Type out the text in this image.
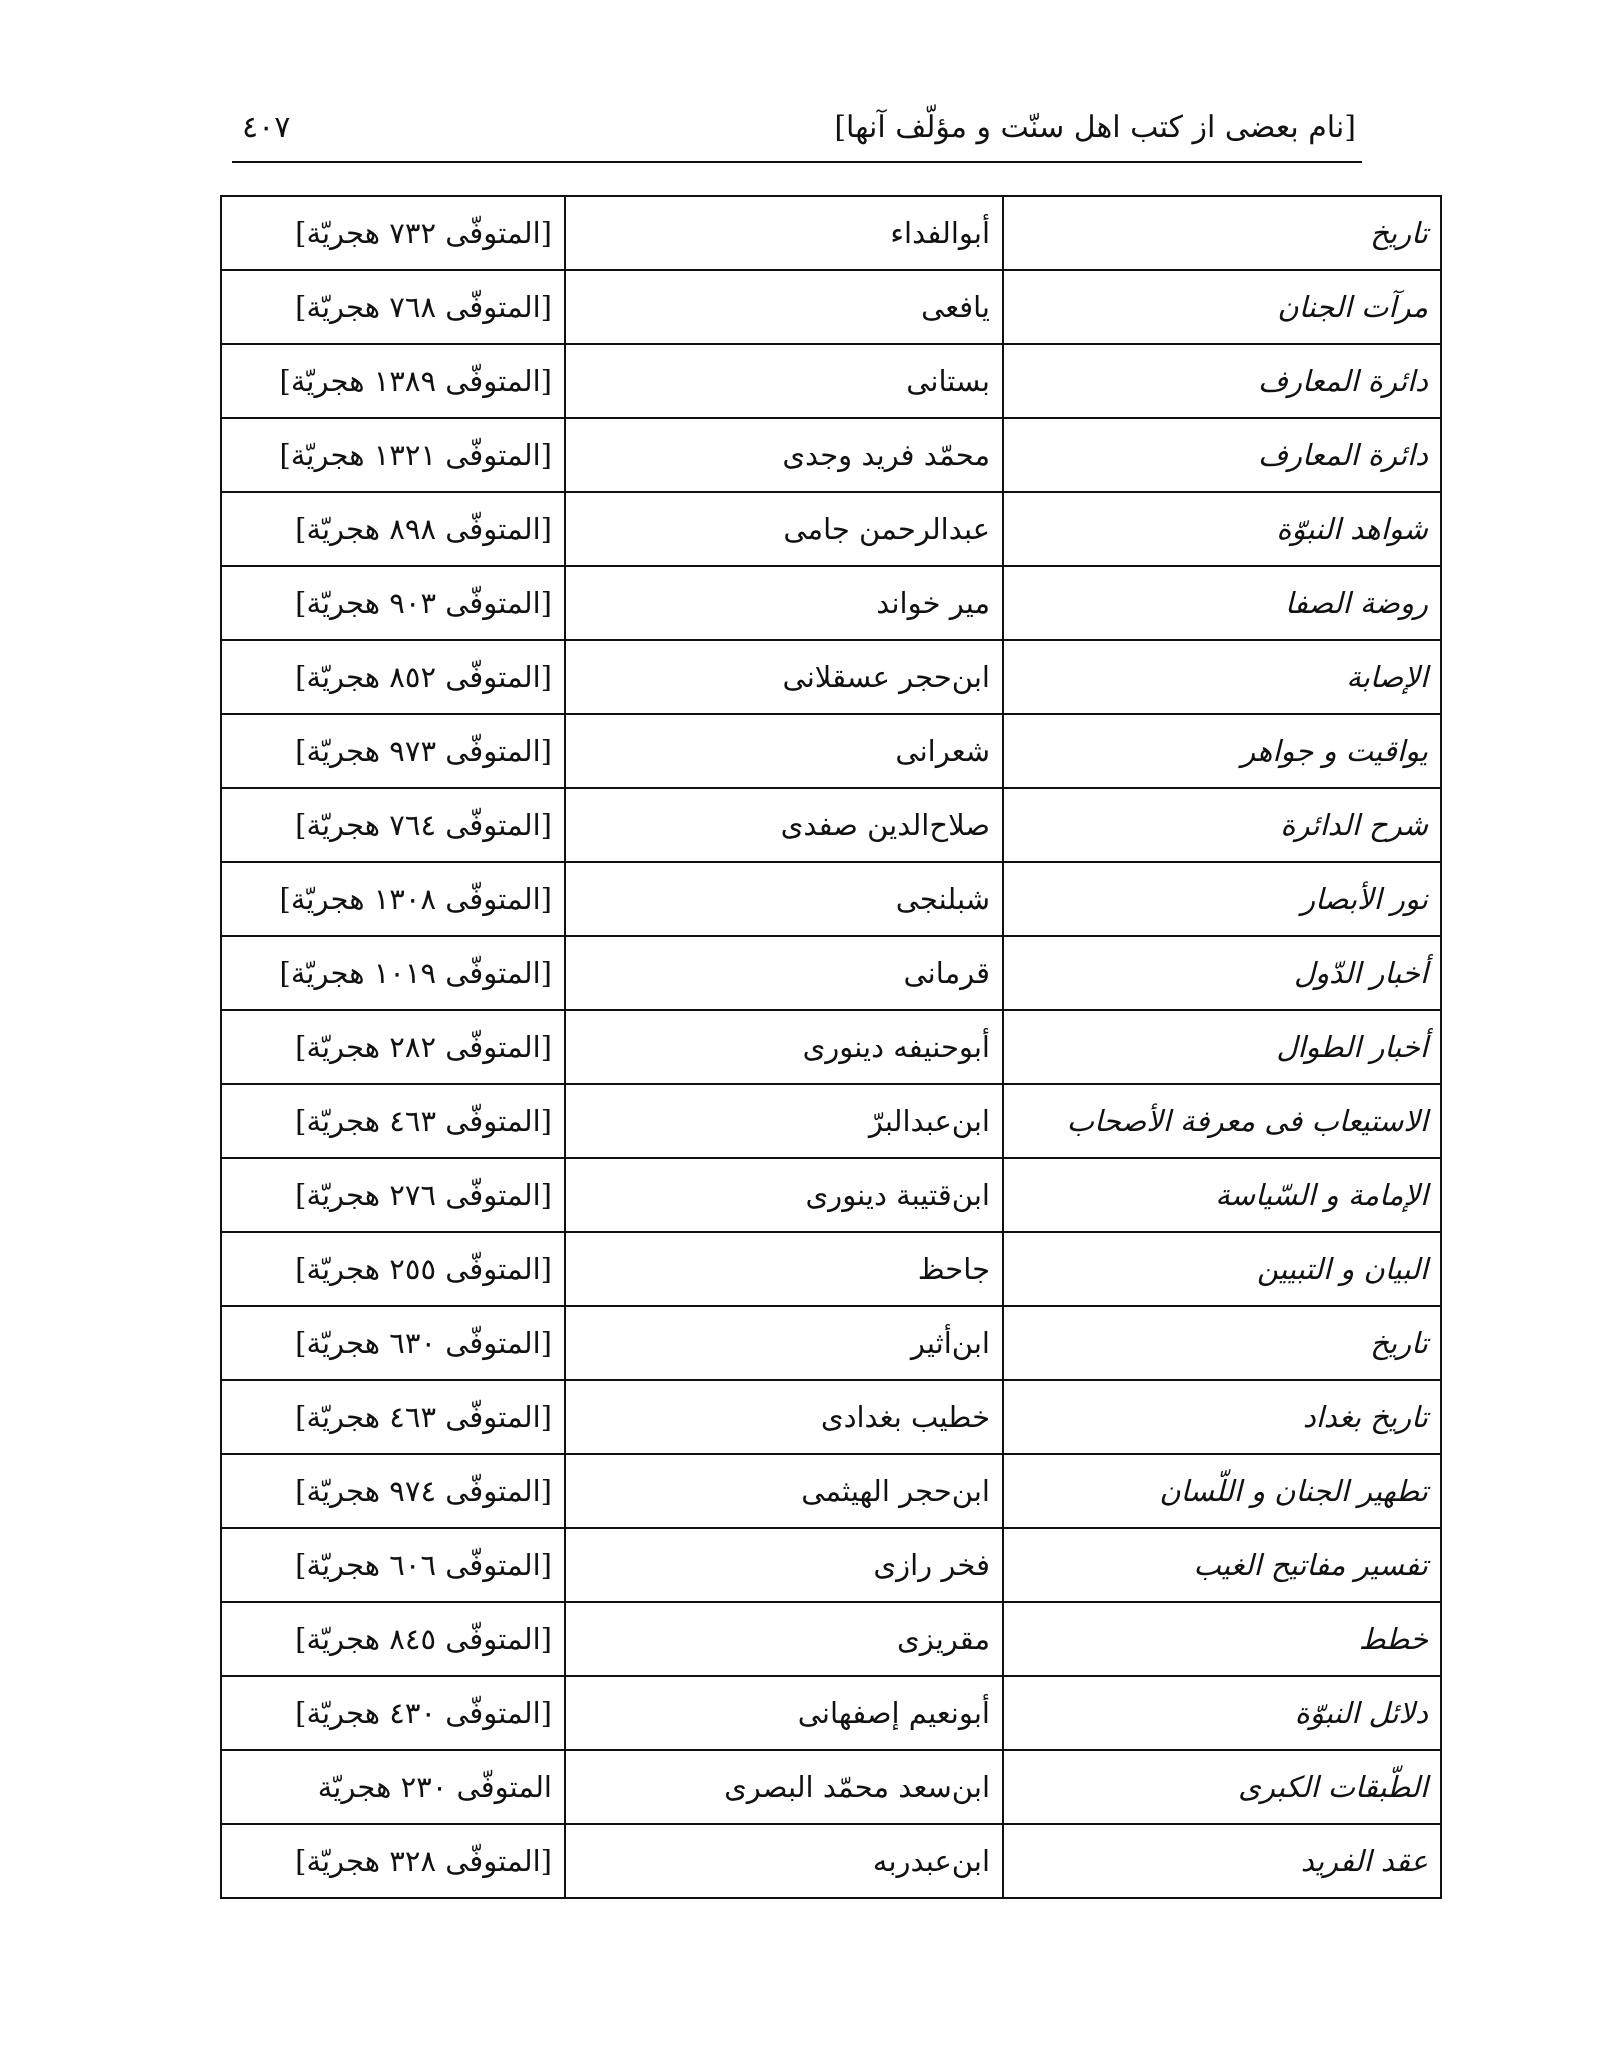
[نام بعضی از کتب اهل سنّت و مؤلّف آنها]
٤٠٧
تاريخ	أبوالفداء	[المتوفّى ٧٣٢ هجريّة]
مرآت الجنان	يافعى	[المتوفّى ٧٦٨ هجريّة]
دائرة المعارف	بستانى	[المتوفّى ١٣٨٩ هجريّة]
دائرة المعارف	محمّد فريد وجدى	[المتوفّى ١٣٢١ هجريّة]
شواهد النبوّة	عبدالرحمن جامى	[المتوفّى ٨٩٨ هجريّة]
روضة الصفا	مير خواند	[المتوفّى ٩٠٣ هجريّة]
الإصابة	ابن‌حجر عسقلانى	[المتوفّى ٨٥٢ هجريّة]
يواقيت و جواهر	شعرانى	[المتوفّى ٩٧٣ هجريّة]
شرح الدائرة	صلاح‌الدين صفدى	[المتوفّى ٧٦٤ هجريّة]
نور الأبصار	شبلنجى	[المتوفّى ١٣٠٨ هجريّة]
أخبار الدّول	قرمانى	[المتوفّى ١٠١٩ هجريّة]
أخبار الطوال	أبوحنيفه دينورى	[المتوفّى ٢٨٢ هجريّة]
الاستيعاب فى معرفة الأصحاب	ابن‌عبدالبرّ	[المتوفّى ٤٦٣ هجريّة]
الإمامة و السّياسة	ابن‌قتيبة دينورى	[المتوفّى ٢٧٦ هجريّة]
البيان و التبيين	جاحظ	[المتوفّى ٢٥٥ هجريّة]
تاريخ	ابن‌أثير	[المتوفّى ٦٣٠ هجريّة]
تاريخ بغداد	خطيب بغدادى	[المتوفّى ٤٦٣ هجريّة]
تطهير الجنان و اللّسان	ابن‌حجر الهيثمى	[المتوفّى ٩٧٤ هجريّة]
تفسير مفاتيح الغيب	فخر رازى	[المتوفّى ٦٠٦ هجريّة]
خطط	مقريزى	[المتوفّى ٨٤٥ هجريّة]
دلائل النبوّة	أبونعيم إصفهانى	[المتوفّى ٤٣٠ هجريّة]
الطّبقات الكبرى	ابن‌سعد محمّد البصرى	المتوفّى ٢٣٠ هجريّة
عقد الفريد	ابن‌عبد‌ربه	[المتوفّى ٣٢٨ هجريّة]
